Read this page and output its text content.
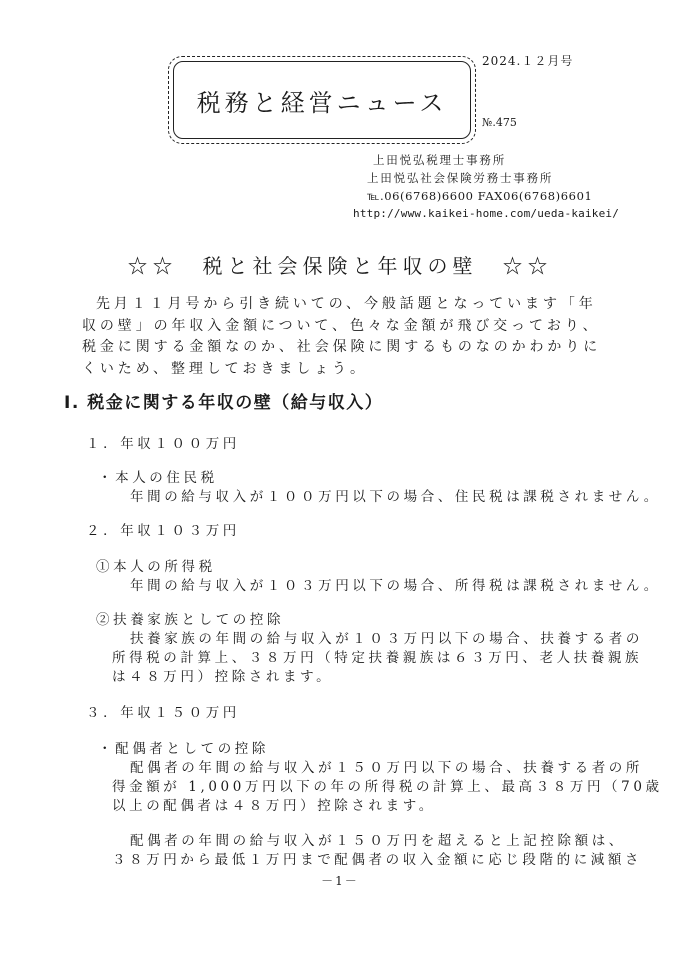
税務と経営ニュース
2024.１２月号
№.475
上田悦弘税理士事務所
上田悦弘社会保険労務士事務所
℡.06(6768)6600 FAX06(6768)6601
http://www.kaikei-home.com/ueda-kaikei/
☆☆　税と社会保険と年収の壁　☆☆

先月１１月号から引き続いての、今般話題となっています「年収の壁」の年収入金額について、色々な金額が飛び交っており、税金に関する金額なのか、社会保険に関するものなのかわかりにくいため、整理しておきましょう。

Ⅰ. 税金に関する年収の壁（給与収入）
１．年収１００万円
・本人の住民税
年間の給与収入が１００万円以下の場合、住民税は課税されません。
２．年収１０３万円
①本人の所得税
年間の給与収入が１０３万円以下の場合、所得税は課税されません。
②扶養家族としての控除
扶養家族の年間の給与収入が１０３万円以下の場合、扶養する者の
所得税の計算上、３８万円（特定扶養親族は６３万円、老人扶養親族
は４８万円）控除されます。
３．年収１５０万円
・配偶者としての控除
配偶者の年間の給与収入が１５０万円以下の場合、扶養する者の所
得金額が 1,000万円以下の年の所得税の計算上、最高３８万円（70歳
以上の配偶者は４８万円）控除されます。
配偶者の年間の給与収入が１５０万円を超えると上記控除額は、
３８万円から最低１万円まで配偶者の収入金額に応じ段階的に減額さ
－1－
